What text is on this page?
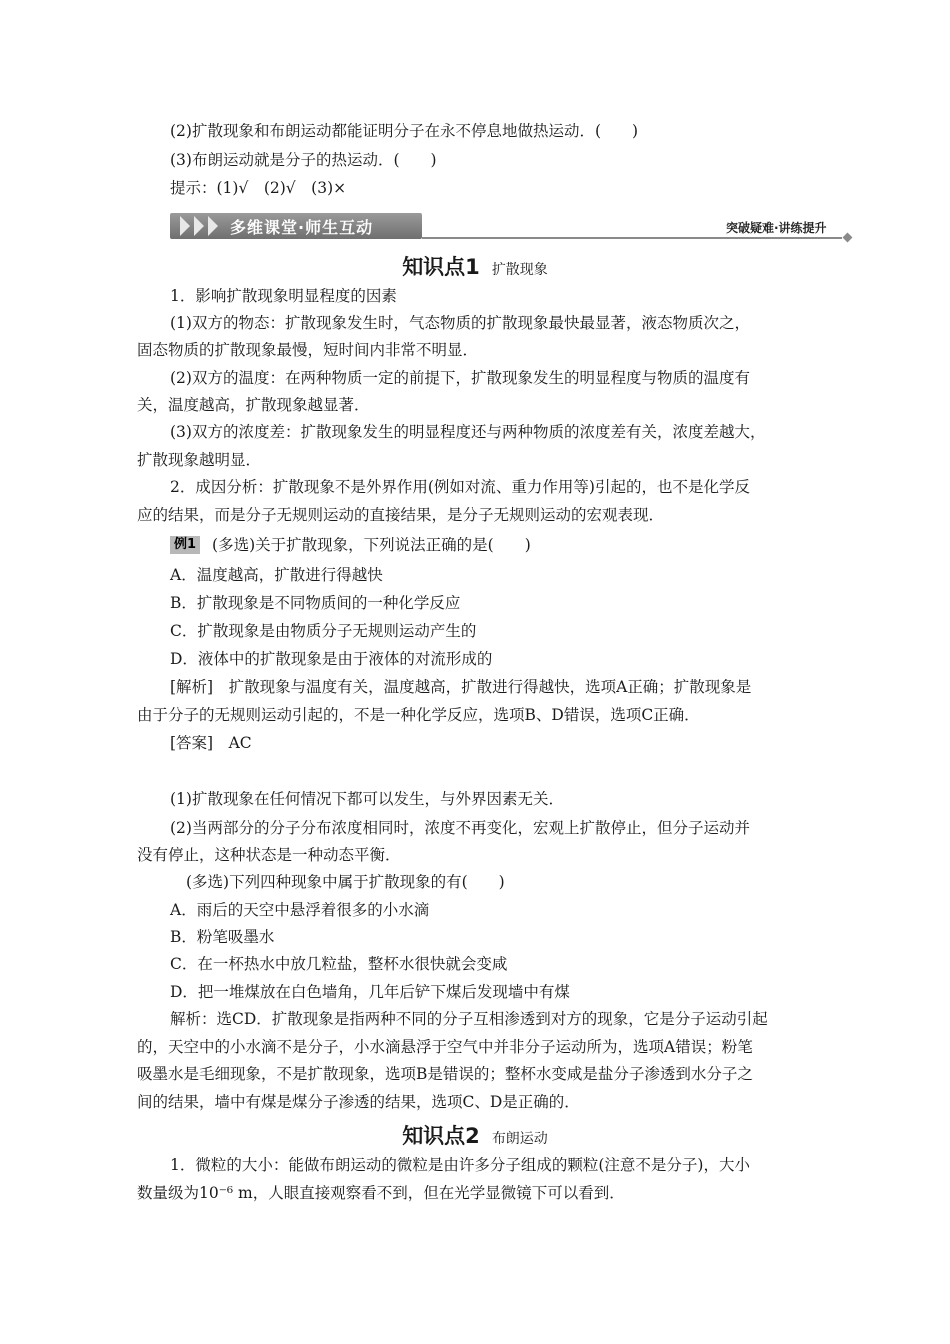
(2)扩散现象和布朗运动都能证明分子在永不停息地做热运动．(　　)
(3)布朗运动就是分子的热运动．(　　)
提示：(1)√　(2)√　(3)×
多维课堂·师生互动	突破疑难·讲练提升
知识点1 扩散现象
1．影响扩散现象明显程度的因素
(1)双方的物态：扩散现象发生时，气态物质的扩散现象最快最显著，液态物质次之，
固态物质的扩散现象最慢，短时间内非常不明显．
(2)双方的温度：在两种物质一定的前提下，扩散现象发生的明显程度与物质的温度有
关，温度越高，扩散现象越显著．
(3)双方的浓度差：扩散现象发生的明显程度还与两种物质的浓度差有关，浓度差越大，
扩散现象越明显．
2．成因分析：扩散现象不是外界作用(例如对流、重力作用等)引起的，也不是化学反
应的结果，而是分子无规则运动的直接结果，是分子无规则运动的宏观表现．
例1 (多选)关于扩散现象，下列说法正确的是(　　)
A．温度越高，扩散进行得越快
B．扩散现象是不同物质间的一种化学反应
C．扩散现象是由物质分子无规则运动产生的
D．液体中的扩散现象是由于液体的对流形成的
[解析]　扩散现象与温度有关，温度越高，扩散进行得越快，选项A正确；扩散现象是
由于分子的无规则运动引起的，不是一种化学反应，选项B、D错误，选项C正确．
[答案]　AC
(1)扩散现象在任何情况下都可以发生，与外界因素无关．
(2)当两部分的分子分布浓度相同时，浓度不再变化，宏观上扩散停止，但分子运动并
没有停止，这种状态是一种动态平衡．
(多选)下列四种现象中属于扩散现象的有(　　)
A．雨后的天空中悬浮着很多的小水滴
B．粉笔吸墨水
C．在一杯热水中放几粒盐，整杯水很快就会变咸
D．把一堆煤放在白色墙角，几年后铲下煤后发现墙中有煤
解析：选CD．扩散现象是指两种不同的分子互相渗透到对方的现象，它是分子运动引起
的，天空中的小水滴不是分子，小水滴悬浮于空气中并非分子运动所为，选项A错误；粉笔
吸墨水是毛细现象，不是扩散现象，选项B是错误的；整杯水变咸是盐分子渗透到水分子之
间的结果，墙中有煤是煤分子渗透的结果，选项C、D是正确的．
知识点2 布朗运动
1．微粒的大小：能做布朗运动的微粒是由许多分子组成的颗粒(注意不是分子)，大小
数量级为10⁻⁶ m，人眼直接观察看不到，但在光学显微镜下可以看到．
